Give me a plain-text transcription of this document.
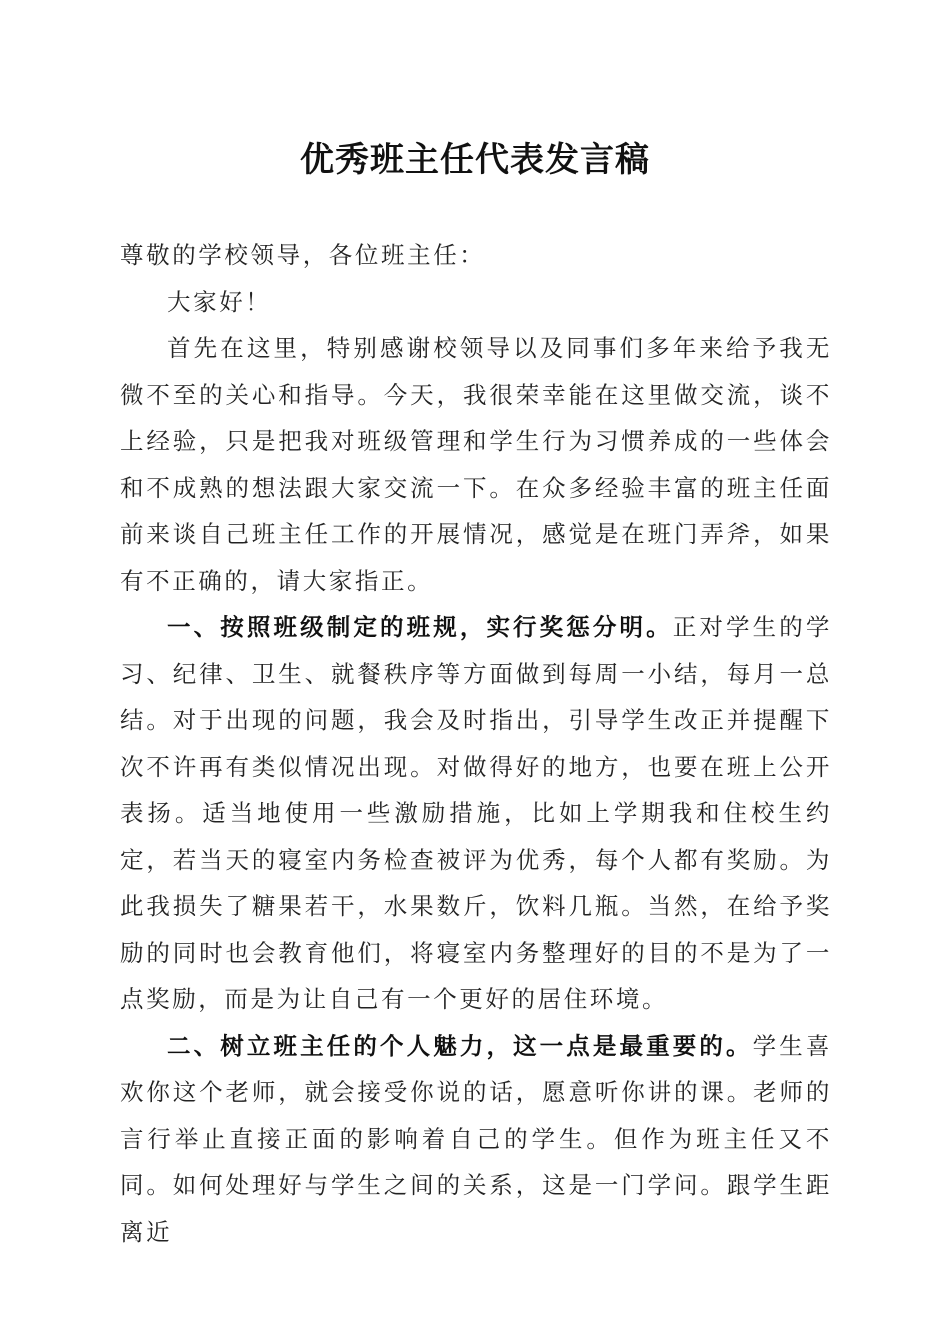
优秀班主任代表发言稿

尊敬的学校领导，各位班主任：

大家好！

首先在这里，特别感谢校领导以及同事们多年来给予我无微不至的关心和指导。今天，我很荣幸能在这里做交流，谈不上经验，只是把我对班级管理和学生行为习惯养成的一些体会和不成熟的想法跟大家交流一下。在众多经验丰富的班主任面前来谈自己班主任工作的开展情况，感觉是在班门弄斧，如果有不正确的，请大家指正。

一、按照班级制定的班规，实行奖惩分明。正对学生的学习、纪律、卫生、就餐秩序等方面做到每周一小结，每月一总结。对于出现的问题，我会及时指出，引导学生改正并提醒下次不许再有类似情况出现。对做得好的地方，也要在班上公开表扬。适当地使用一些激励措施，比如上学期我和住校生约定，若当天的寝室内务检查被评为优秀，每个人都有奖励。为此我损失了糖果若干，水果数斤，饮料几瓶。当然，在给予奖励的同时也会教育他们，将寝室内务整理好的目的不是为了一点奖励，而是为让自己有一个更好的居住环境。

二、树立班主任的个人魅力，这一点是最重要的。学生喜欢你这个老师，就会接受你说的话，愿意听你讲的课。老师的言行举止直接正面的影响着自己的学生。但作为班主任又不同。如何处理好与学生之间的关系，这是一门学问。跟学生距离近
